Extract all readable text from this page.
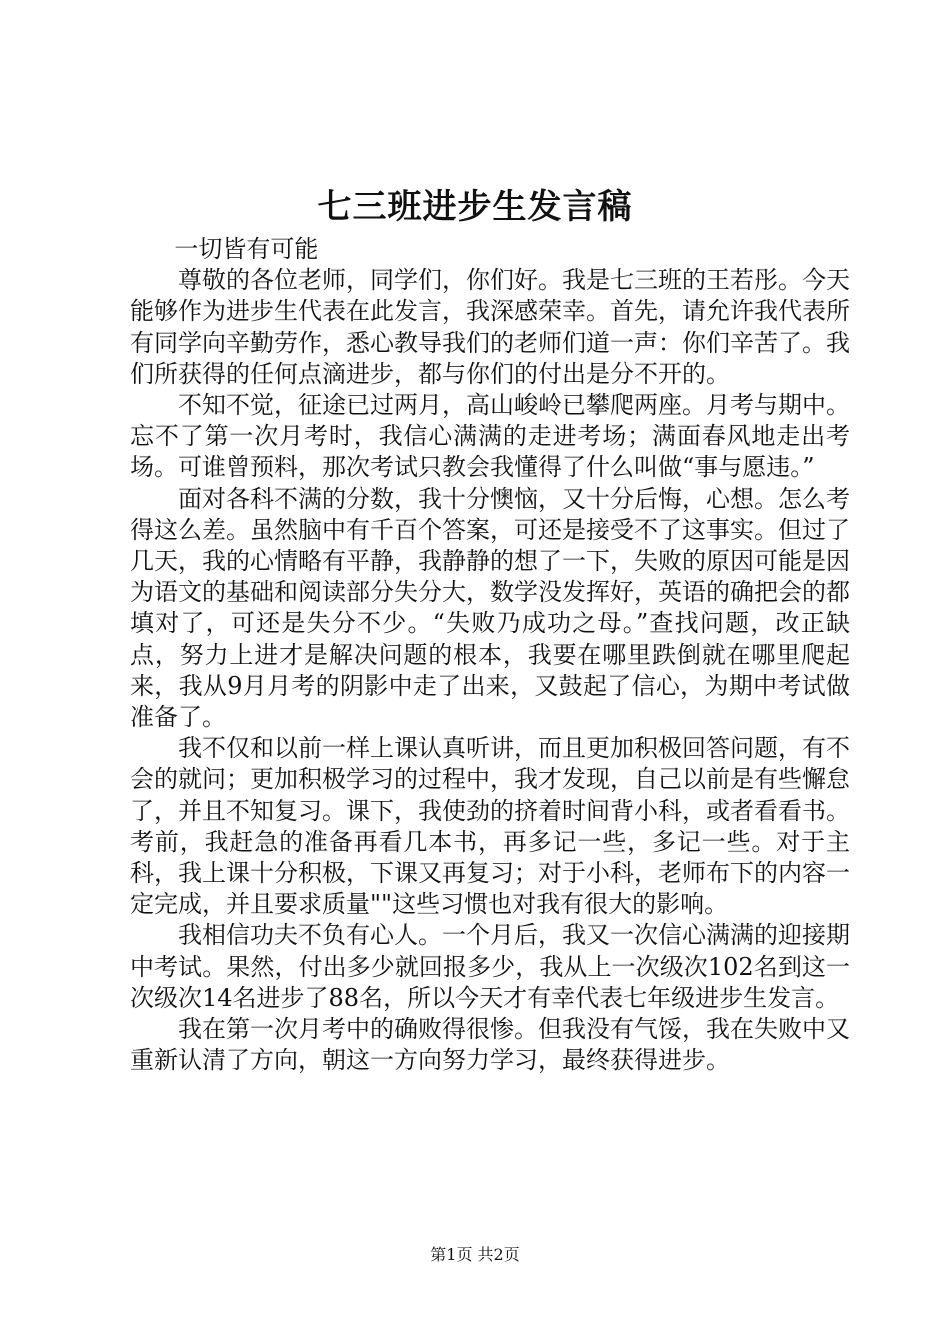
七三班进步生发言稿

一切皆有可能

尊敬的各位老师，同学们，你们好。我是七三班的王若彤。今天能够作为进步生代表在此发言，我深感荣幸。首先，请允许我代表所有同学向辛勤劳作，悉心教导我们的老师们道一声：你们辛苦了。我们所获得的任何点滴进步，都与你们的付出是分不开的。

不知不觉，征途已过两月，高山峻岭已攀爬两座。月考与期中。忘不了第一次月考时，我信心满满的走进考场；满面春风地走出考场。可谁曾预料，那次考试只教会我懂得了什么叫做“事与愿违。”

面对各科不满的分数，我十分懊恼，又十分后悔，心想。怎么考得这么差。虽然脑中有千百个答案，可还是接受不了这事实。但过了几天，我的心情略有平静，我静静的想了一下，失败的原因可能是因为语文的基础和阅读部分失分大，数学没发挥好，英语的确把会的都填对了，可还是失分不少。“失败乃成功之母。”查找问题，改正缺点，努力上进才是解决问题的根本，我要在哪里跌倒就在哪里爬起来，我从9月月考的阴影中走了出来，又鼓起了信心，为期中考试做准备了。

我不仅和以前一样上课认真听讲，而且更加积极回答问题，有不会的就问；更加积极学习的过程中，我才发现，自己以前是有些懈怠了，并且不知复习。课下，我使劲的挤着时间背小科，或者看看书。考前，我赶急的准备再看几本书，再多记一些，多记一些。对于主科，我上课十分积极，下课又再复习；对于小科，老师布下的内容一定完成，并且要求质量""这些习惯也对我有很大的影响。

我相信功夫不负有心人。一个月后，我又一次信心满满的迎接期中考试。果然，付出多少就回报多少，我从上一次级次102名到这一次级次14名进步了88名，所以今天才有幸代表七年级进步生发言。

我在第一次月考中的确败得很惨。但我没有气馁，我在失败中又重新认清了方向，朝这一方向努力学习，最终获得进步。

第1页 共2页
